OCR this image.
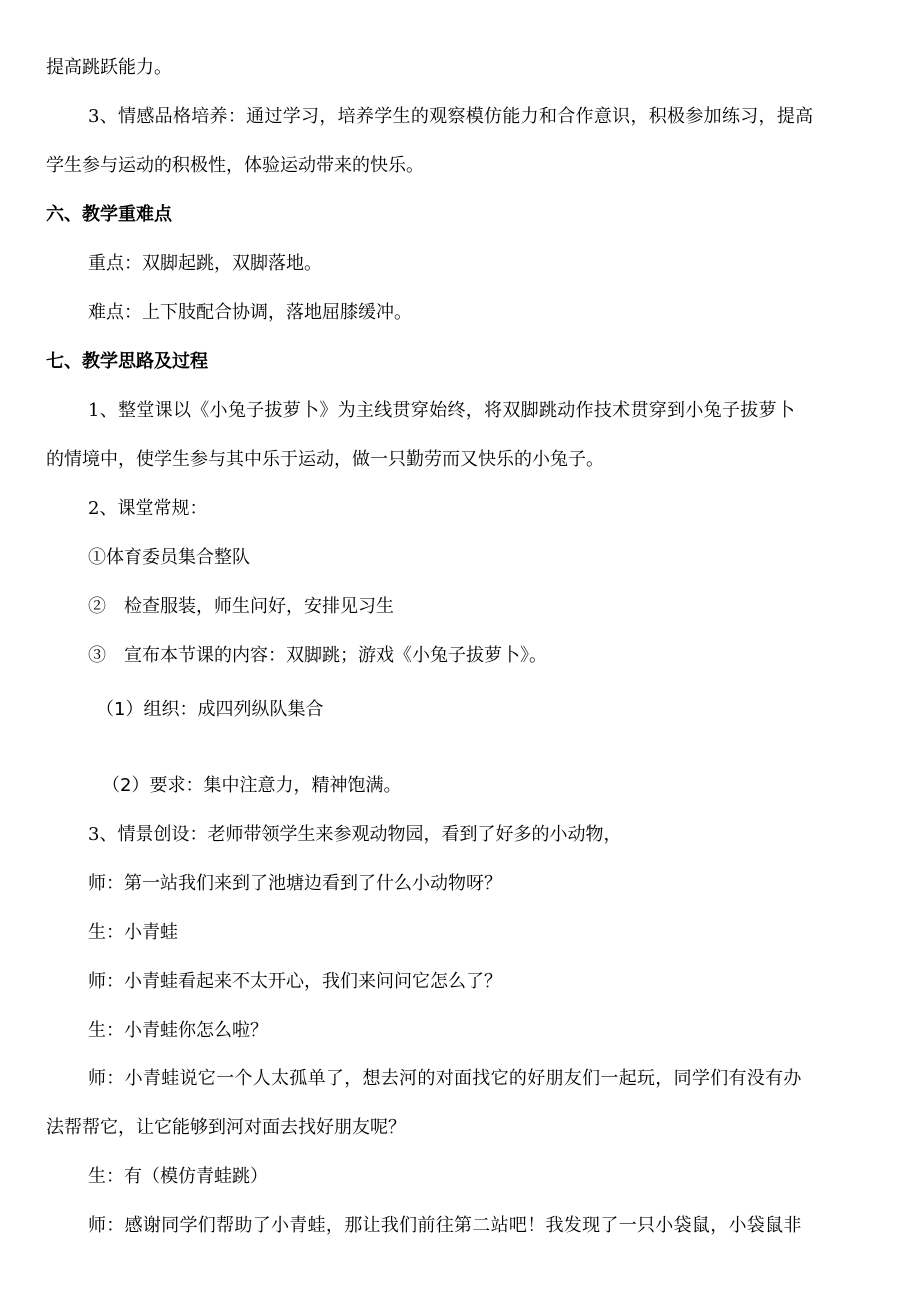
提高跳跃能力。
3、情感品格培养：通过学习，培养学生的观察模仿能力和合作意识，积极参加练习，提高
学生参与运动的积极性，体验运动带来的快乐。
六、教学重难点
重点：双脚起跳，双脚落地。
难点：上下肢配合协调，落地屈膝缓冲。
七、教学思路及过程
1、整堂课以《小兔子拔萝卜》为主线贯穿始终，将双脚跳动作技术贯穿到小兔子拔萝卜
的情境中，使学生参与其中乐于运动，做一只勤劳而又快乐的小兔子。
2、课堂常规：
①体育委员集合整队
②　检查服装，师生问好，安排见习生
③　宣布本节课的内容：双脚跳；游戏《小兔子拔萝卜》。
（1）组织：成四列纵队集合
（2）要求：集中注意力，精神饱满。
3、情景创设：老师带领学生来参观动物园，看到了好多的小动物，
师：第一站我们来到了池塘边看到了什么小动物呀？
生：小青蛙
师：小青蛙看起来不太开心，我们来问问它怎么了？
生：小青蛙你怎么啦？
师：小青蛙说它一个人太孤单了，想去河的对面找它的好朋友们一起玩，同学们有没有办
法帮帮它，让它能够到河对面去找好朋友呢？
生：有（模仿青蛙跳）
师：感谢同学们帮助了小青蛙，那让我们前往第二站吧！我发现了一只小袋鼠，小袋鼠非
